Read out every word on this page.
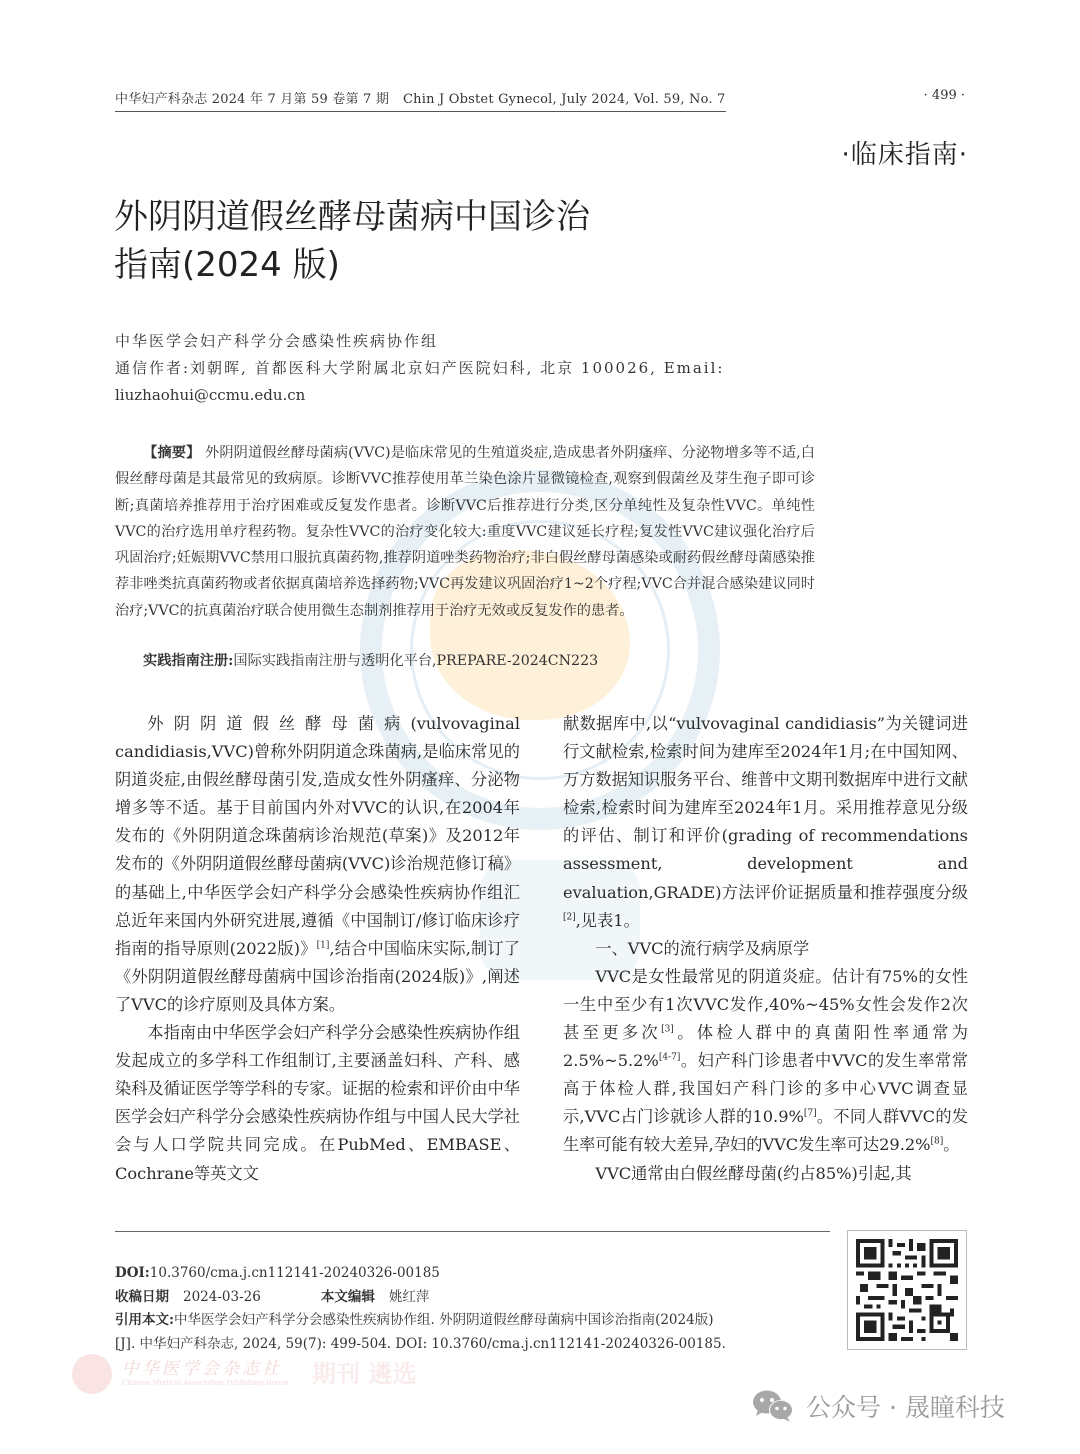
中华妇产科杂志 2024 年 7 月第 59 卷第 7 期 Chin J Obstet Gynecol, July 2024, Vol. 59, No. 7	· 499 ·
·临床指南·
外阴阴道假丝酵母菌病中国诊治
指南(2024 版)
中华医学会妇产科学分会感染性疾病协作组
通信作者:刘朝晖, 首都医科大学附属北京妇产医院妇科, 北京 100026, Email:
liuzhaohui@ccmu.edu.cn
【摘要】 外阴阴道假丝酵母菌病(VVC)是临床常见的生殖道炎症,造成患者外阴瘙痒、分泌物增多等不适,白假丝酵母菌是其最常见的致病原。诊断VVC推荐使用革兰染色涂片显微镜检查,观察到假菌丝及芽生孢子即可诊断;真菌培养推荐用于治疗困难或反复发作患者。诊断VVC后推荐进行分类,区分单纯性及复杂性VVC。单纯性VVC的治疗选用单疗程药物。复杂性VVC的治疗变化较大:重度VVC建议延长疗程;复发性VVC建议强化治疗后巩固治疗;妊娠期VVC禁用口服抗真菌药物,推荐阴道唑类药物治疗;非白假丝酵母菌感染或耐药假丝酵母菌感染推荐非唑类抗真菌药物或者依据真菌培养选择药物;VVC再发建议巩固治疗1~2个疗程;VVC合并混合感染建议同时治疗;VVC的抗真菌治疗联合使用微生态制剂推荐用于治疗无效或反复发作的患者。
实践指南注册:国际实践指南注册与透明化平台,PREPARE-2024CN223

外阴阴道假丝酵母菌病(vulvovaginal candidiasis,VVC)曾称外阴阴道念珠菌病,是临床常见的阴道炎症,由假丝酵母菌引发,造成女性外阴瘙痒、分泌物增多等不适。基于目前国内外对VVC的认识,在2004年发布的《外阴阴道念珠菌病诊治规范(草案)》及2012年发布的《外阴阴道假丝酵母菌病(VVC)诊治规范修订稿》的基础上,中华医学会妇产科学分会感染性疾病协作组汇总近年来国内外研究进展,遵循《中国制订/修订临床诊疗指南的指导原则(2022版)》[1],结合中国临床实际,制订了《外阴阴道假丝酵母菌病中国诊治指南(2024版)》,阐述了VVC的诊疗原则及具体方案。

本指南由中华医学会妇产科学分会感染性疾病协作组发起成立的多学科工作组制订,主要涵盖妇科、产科、感染科及循证医学等学科的专家。证据的检索和评价由中华医学会妇产科学分会感染性疾病协作组与中国人民大学社会与人口学院共同完成。在PubMed、EMBASE、Cochrane等英文文

献数据库中,以“vulvovaginal candidiasis”为关键词进行文献检索,检索时间为建库至2024年1月;在中国知网、万方数据知识服务平台、维普中文期刊数据库中进行文献检索,检索时间为建库至2024年1月。采用推荐意见分级的评估、制订和评价(grading of recommendations assessment, development and evaluation,GRADE)方法评价证据质量和推荐强度分级[2],见表1。

一、VVC的流行病学及病原学

VVC是女性最常见的阴道炎症。估计有75%的女性一生中至少有1次VVC发作,40%~45%女性会发作2次甚至更多次[3]。体检人群中的真菌阳性率通常为2.5%~5.2%[4-7]。妇产科门诊患者中VVC的发生率常常高于体检人群,我国妇产科门诊的多中心VVC调查显示,VVC占门诊就诊人群的10.9%[7]。不同人群VVC的发生率可能有较大差异,孕妇的VVC发生率可达29.2%[8]。

VVC通常由白假丝酵母菌(约占85%)引起,其

DOI:10.3760/cma.j.cn112141-20240326-00185
收稿日期 2024-03-26	本文编辑 姚红萍
引用本文:中华医学会妇产科学分会感染性疾病协作组. 外阴阴道假丝酵母菌病中国诊治指南(2024版)
[J]. 中华妇产科杂志, 2024, 59(7): 499-504. DOI: 10.3760/cma.j.cn112141-20240326-00185.
中华医学会杂志社
Chinese Medical Association Publishing House 期刊 遴选
公众号 · 晟瞳科技
